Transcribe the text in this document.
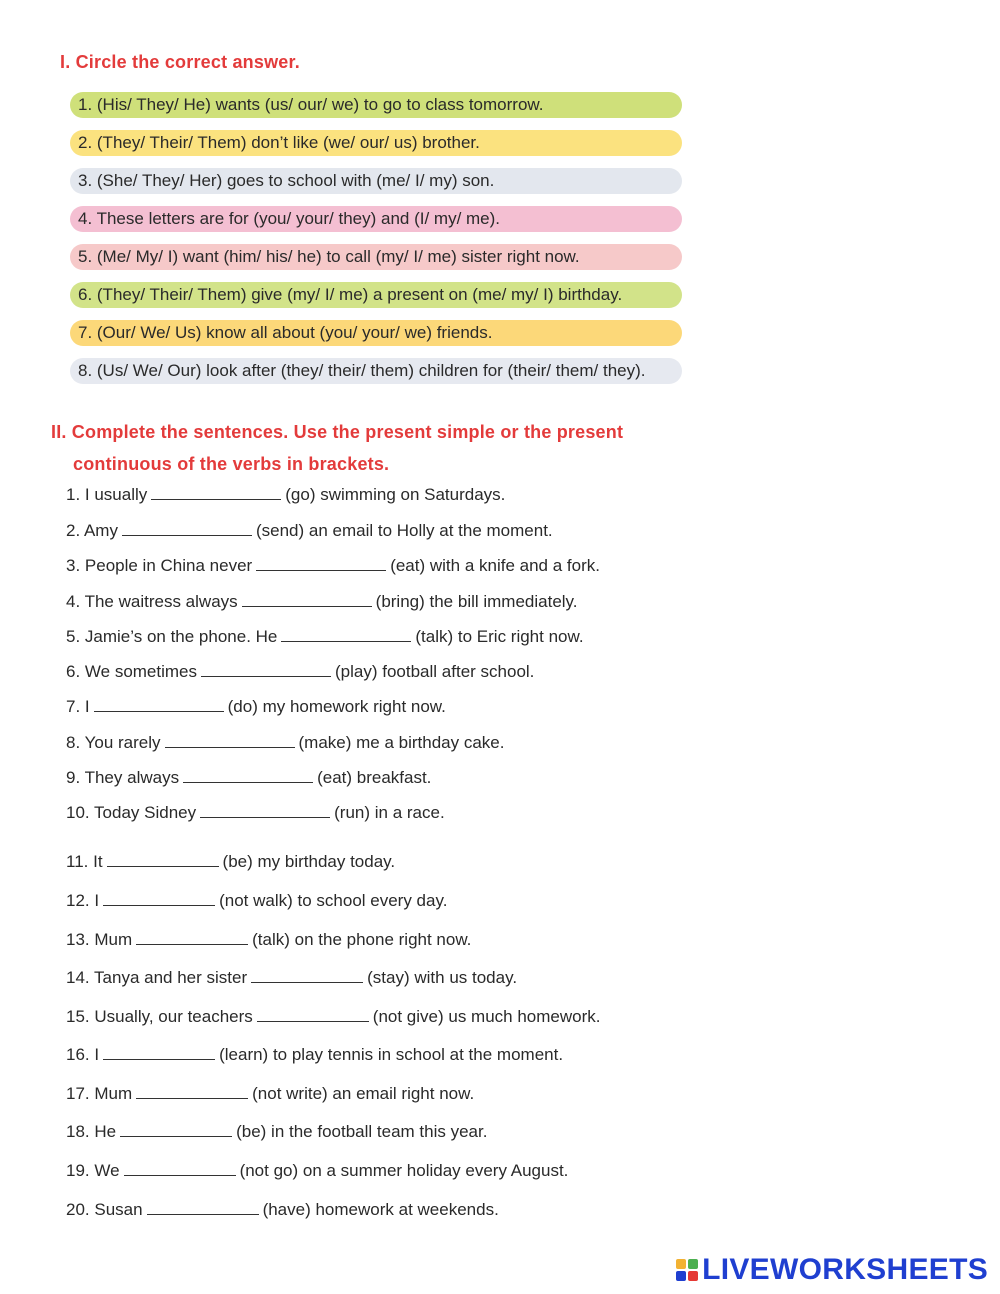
I. Circle the correct answer.
1. (His/ They/ He) wants (us/ our/ we) to go to class tomorrow.
2. (They/ Their/ Them) don’t like (we/ our/ us) brother.
3. (She/ They/ Her) goes to school with (me/ I/ my) son.
4. These letters are for (you/ your/ they) and (I/ my/ me).
5. (Me/ My/ I) want (him/ his/ he) to call (my/ I/ me) sister right now.
6. (They/ Their/ Them) give (my/ I/ me) a present on (me/ my/ I) birthday.
7. (Our/ We/ Us) know all about (you/ your/ we) friends.
8. (Us/ We/ Our) look after (they/ their/ them) children for (their/ them/ they).
II. Complete the sentences. Use the present simple or the present
continuous of the verbs in brackets.
1. I usually	(go) swimming on Saturdays.
2. Amy	(send) an email to Holly at the moment.
3. People in China never	(eat) with a knife and a fork.
4. The waitress always	(bring) the bill immediately.
5. Jamie’s on the phone. He	(talk) to Eric right now.
6. We sometimes	(play) football after school.
7. I	(do) my homework right now.
8. You rarely	(make) me a birthday cake.
9. They always	(eat) breakfast.
10. Today Sidney	(run) in a race.
11. It	(be) my birthday today.
12. I	(not walk) to school every day.
13. Mum	(talk) on the phone right now.
14. Tanya and her sister	(stay) with us today.
15. Usually, our teachers	(not give) us much homework.
16. I	(learn) to play tennis in school at the moment.
17. Mum	(not write) an email right now.
18. He	(be) in the football team this year.
19. We	(not go) on a summer holiday every August.
20. Susan	(have) homework at weekends.
LIVEWORKSHEETS
